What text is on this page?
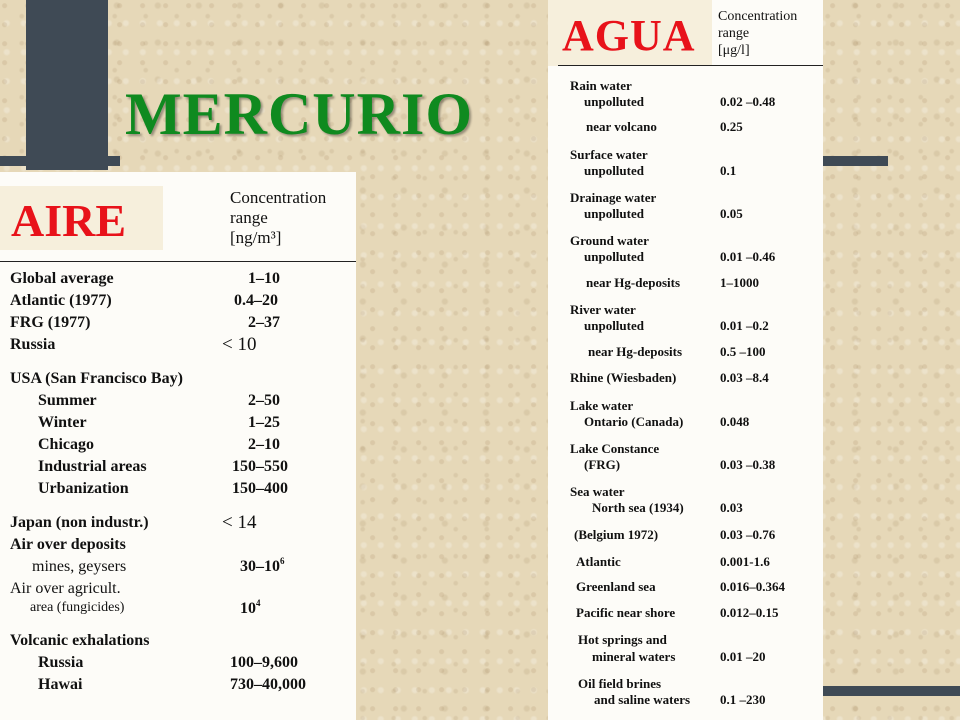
MERCURIO
AIRE	Concentration
range
[ng/m³]
Global average	1–10
Atlantic (1977)	0.4–20
FRG (1977)	2–37
Russia	< 10
USA (San Francisco Bay)
Summer	2–50
Winter	1–25
Chicago	2–10
Industrial areas	150–550
Urbanization	150–400
Japan (non industr.)	< 14
Air over deposits
mines, geysers	$30-10^6$
Air over agricult.
area (fungicides)	$10^4$
Volcanic exhalations
Russia	100–9,600
Hawai	730–40,000
AGUA Concentration
range
[μg/l]
Rain water
unpolluted	0.02 –0.48
near volcano	0.25
Surface water
unpolluted	0.1
Drainage water
unpolluted	0.05
Ground water
unpolluted	0.01 –0.46
near Hg-deposits	1–1000
River water
unpolluted	0.01 –0.2
near Hg-deposits	0.5 –100
Rhine (Wiesbaden)	0.03 –8.4
Lake water
Ontario (Canada)	0.048
Lake Constance
(FRG)	0.03 –0.38
Sea water
North sea (1934)	0.03
(Belgium 1972)	0.03 –0.76
Atlantic	0.001-1.6
Greenland sea	0.016–0.364
Pacific near shore	0.012–0.15
Hot springs and
mineral waters	0.01 –20
Oil field brines
and saline waters 0.1 –230
